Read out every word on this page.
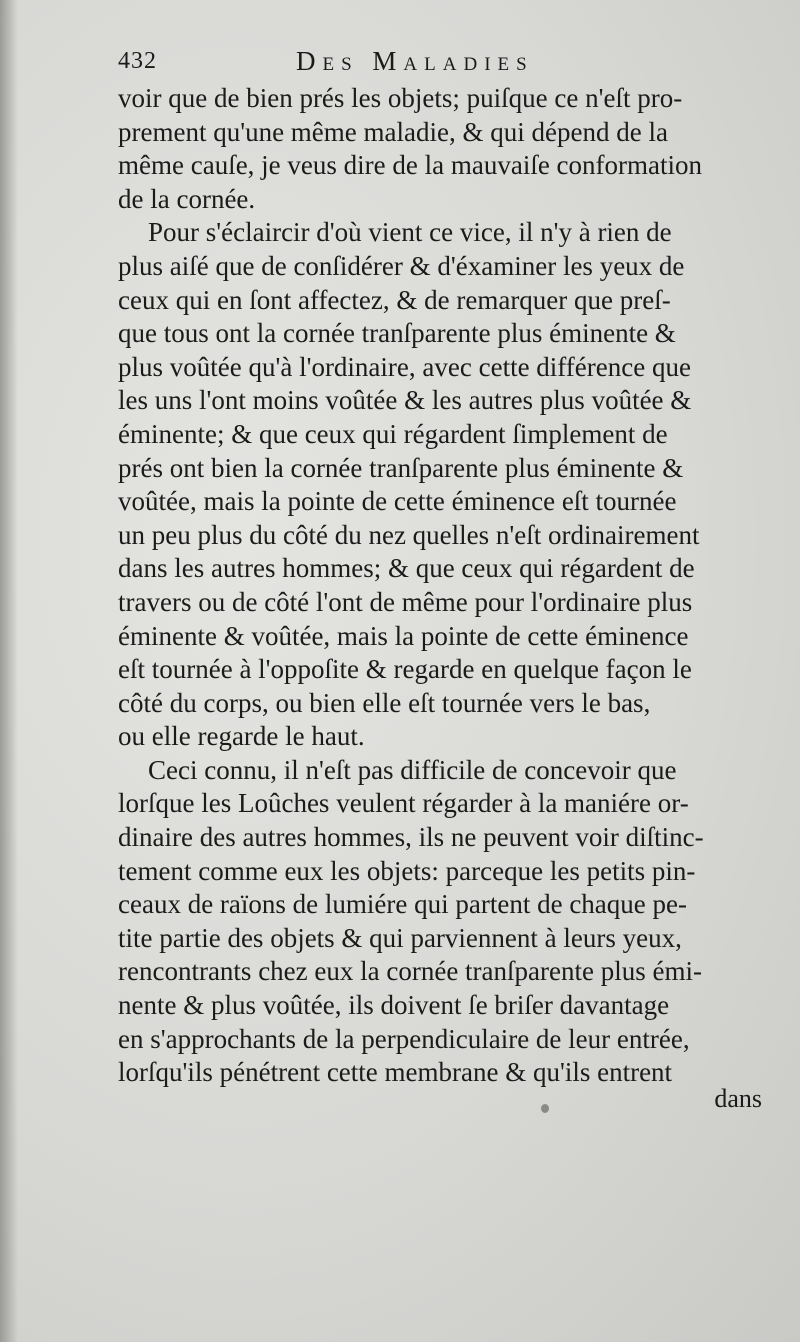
432	Des Maladies
voir que de bien prés les objets; puiſque ce n'eſt pro-
prement qu'une même maladie, & qui dépend de la
même cauſe, je veus dire de la mauvaiſe conformation
de la cornée.
Pour s'éclaircir d'où vient ce vice, il n'y à rien de
plus aiſé que de conſidérer & d'éxaminer les yeux de
ceux qui en ſont affectez, & de remarquer que preſ-
que tous ont la cornée tranſparente plus éminente &
plus voûtée qu'à l'ordinaire, avec cette différence que
les uns l'ont moins voûtée & les autres plus voûtée &
éminente; & que ceux qui régardent ſimplement de
prés ont bien la cornée tranſparente plus éminente &
voûtée, mais la pointe de cette éminence eſt tournée
un peu plus du côté du nez quelles n'eſt ordinairement
dans les autres hommes; & que ceux qui régardent de
travers ou de côté l'ont de même pour l'ordinaire plus
éminente & voûtée, mais la pointe de cette éminence
eſt tournée à l'oppoſite & regarde en quelque façon le
côté du corps, ou bien elle eſt tournée vers le bas,
ou elle regarde le haut.
Ceci connu, il n'eſt pas difficile de concevoir que
lorſque les Loûches veulent régarder à la maniére or-
dinaire des autres hommes, ils ne peuvent voir diſtinc-
tement comme eux les objets: parceque les petits pin-
ceaux de raïons de lumiére qui partent de chaque pe-
tite partie des objets & qui parviennent à leurs yeux,
rencontrants chez eux la cornée tranſparente plus émi-
nente & plus voûtée, ils doivent ſe briſer davantage
en s'approchants de la perpendiculaire de leur entrée,
lorſqu'ils pénétrent cette membrane & qu'ils entrent
dans
